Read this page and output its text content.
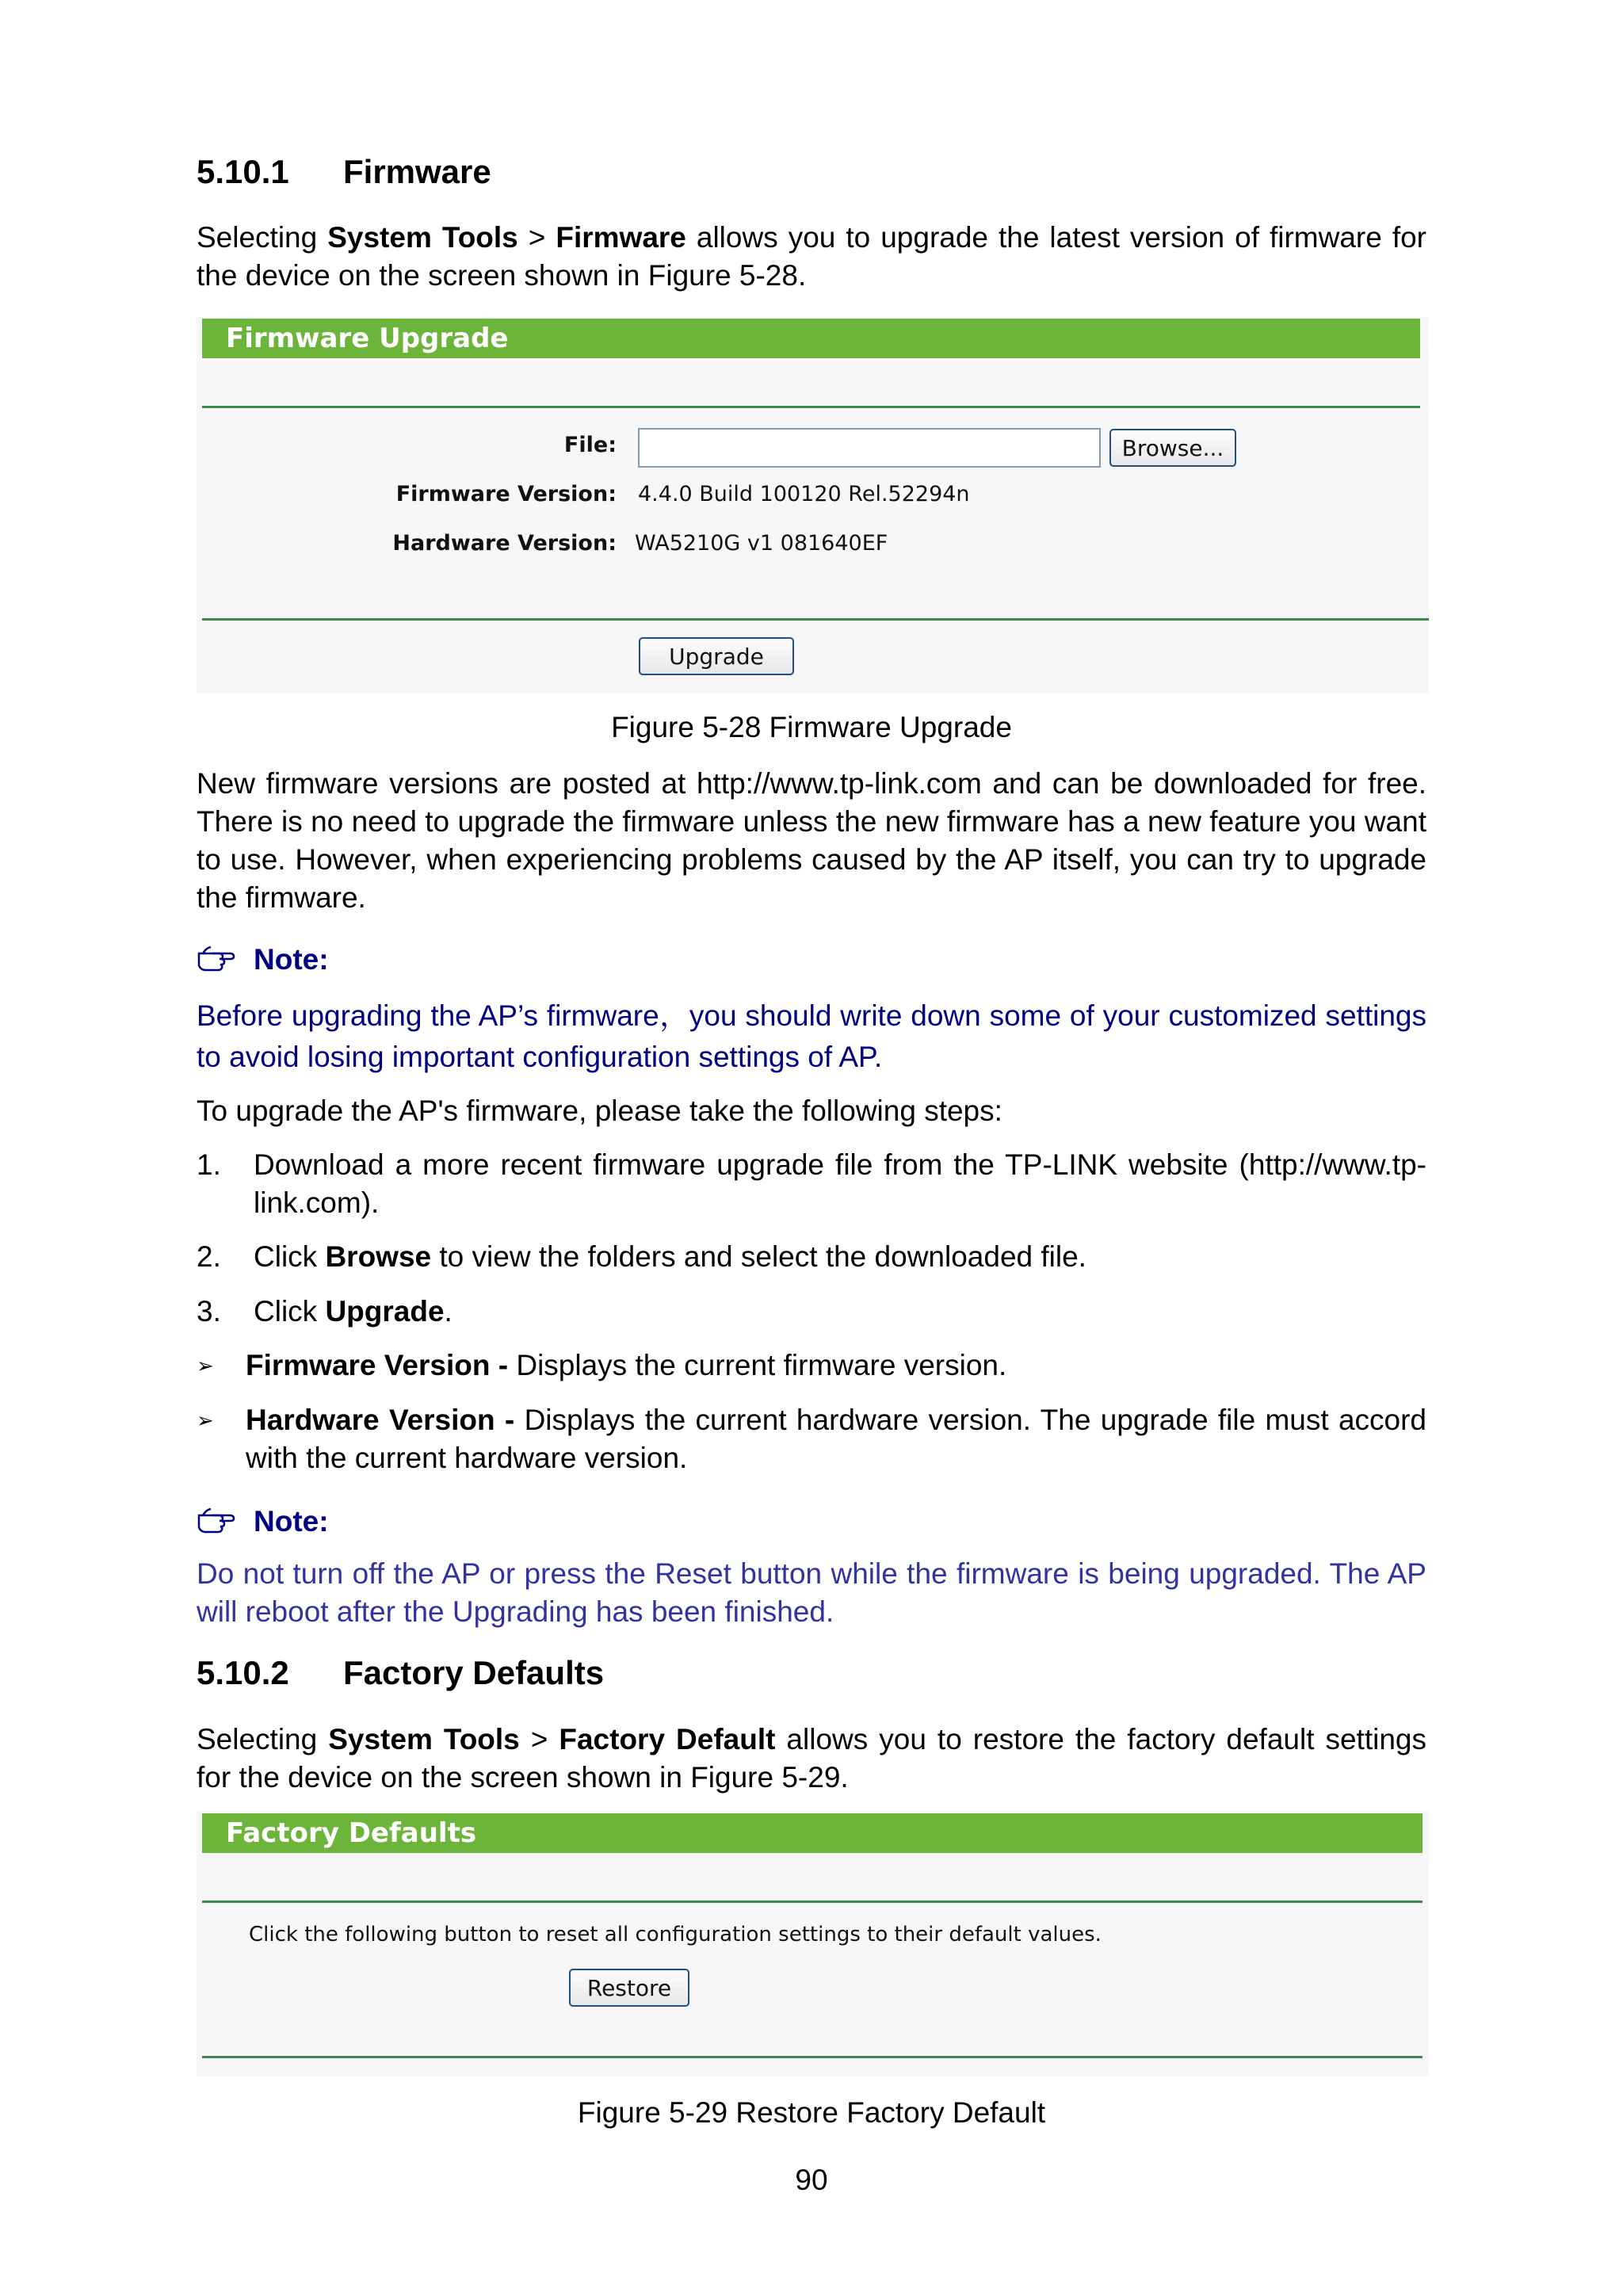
5.10.1 Firmware
Selecting System Tools > Firmware allows you to upgrade the latest version of firmware for the device on the screen shown in Figure 5-28.
Firmware Upgrade
File:	Browse...
Firmware Version: 4.4.0 Build 100120 Rel.52294n
Hardware Version: WA5210G v1 081640EF
Upgrade
Figure 5-28 Firmware Upgrade
New firmware versions are posted at http://www.tp-link.com and can be downloaded for free. There is no need to upgrade the firmware unless the new firmware has a new feature you want to use. However, when experiencing problems caused by the AP itself, you can try to upgrade the firmware.
Note:
Before upgrading the AP’s firmware，you should write down some of your customized settings to avoid losing important configuration settings of AP.
To upgrade the AP's firmware, please take the following steps:
1.	Download a more recent firmware upgrade file from the TP-LINK website (http://www.tp-link.com).
2.	Click Browse to view the folders and select the downloaded file.
3.	Click Upgrade.
➢	Firmware Version - Displays the current firmware version.
➢	Hardware Version - Displays the current hardware version. The upgrade file must accord with the current hardware version.
Note:
Do not turn off the AP or press the Reset button while the firmware is being upgraded. The AP will reboot after the Upgrading has been finished.
5.10.2 Factory Defaults
Selecting System Tools > Factory Default allows you to restore the factory default settings for the device on the screen shown in Figure 5-29.
Factory Defaults
Click the following button to reset all configuration settings to their default values.
Restore
Figure 5-29 Restore Factory Default
90
